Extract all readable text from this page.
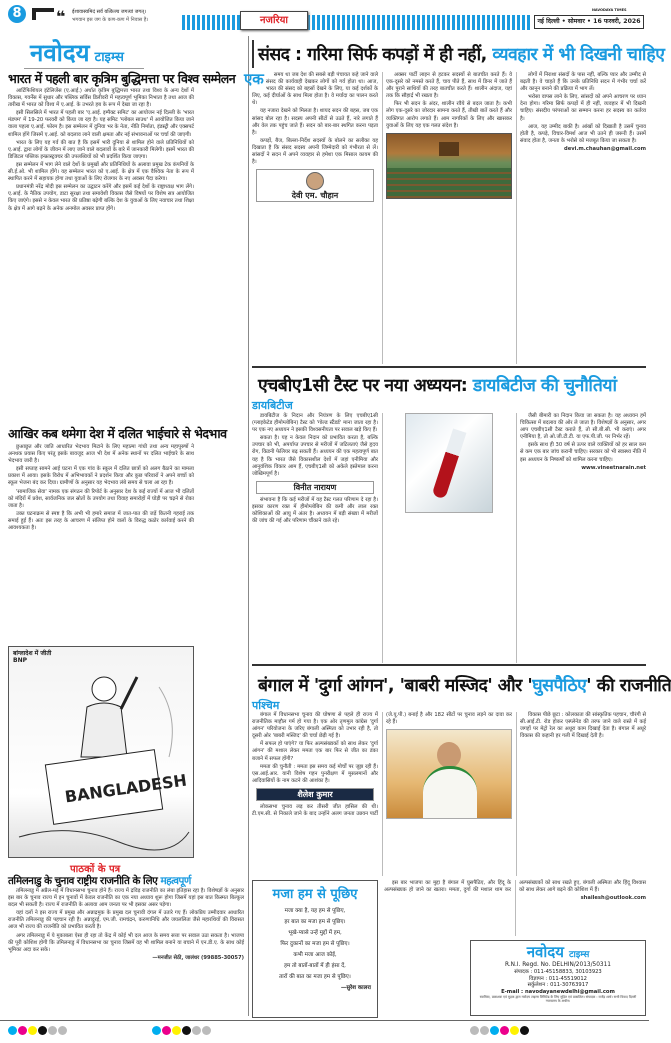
8 ❝ ईशावास्यमिदं सर्वं यत्किञ्च जगत्यां जगत्।
भगवान इस जग के कण-कण में निवास है।	नजरिया
NAVODAYA TIMES
नई दिल्ली • सोमवार • 16 फरवरी, 2026
नवोदय टाइम्स
भारत में पहली बार कृत्रिम बुद्धिमत्ता पर विश्व सम्मेलन

आर्टिफिशियल इंटेलिजेंस (ए.आई.) अर्थात कृत्रिम बुद्धिमत्ता भारत तथा विश्व के अन्य देशों में विकास, गवर्नेंस में सुधार और पब्लिक सर्विस डिलीवरी में महत्वपूर्ण भूमिका निभाता है तथा आज की तारीख में भारत को विश्व में ए.आई. के उभरते हब के रूप में देखा जा रहा है।

इसी सिलसिले में भारत में पहली बार 'ए.आई. इम्पैक्ट समिट' का आयोजन नई दिल्ली के 'भारत मंडपम' में 19-20 फरवरी को किया जा रहा है। यह समिट 'ग्लोबल साउथ' में आयोजित किया जाने वाला पहला ए.आई. फोरम है। इस सम्मेलन में दुनिया भर के नेता, नीति निर्माता, इंडस्ट्री और एक्सपर्ट शामिल होंगे जिसमें ए.आई. को बदलाव लाने वाली क्षमता और नई संभावनाओं पर चर्चा की जाएगी।

भारत के लिए यह गर्व की बात है कि इसमें भारी दुनिया से शामिल होने वाले प्रतिनिधियों को ए.आई. द्वारा लोगों के जीवन में लाए जाने वाले बदलावों के बारे में जानकारी मिलेगी। इसमें भारत की डिजिटल पब्लिक इन्फ्रास्ट्रक्चर की उपलब्धियों को भी प्रदर्शित किया जाएगा।

इस सम्मेलन में भाग लेने वाले देशों के प्रमुखों और प्रतिनिधियों के अलावा प्रमुख टेक कंपनियों के सी.ई.ओ. भी शामिल होंगे। यह सम्मेलन भारत को ए.आई. के क्षेत्र में एक वैश्विक नेता के रूप में स्थापित करने में सहायक होगा तथा युवाओं के लिए रोजगार के नए अवसर पैदा करेगा।

प्रधानमंत्री नरेंद्र मोदी इस सम्मेलन का उद्घाटन करेंगे और इसमें कई देशों के राष्ट्राध्यक्ष भाग लेंगे। ए.आई. के नैतिक उपयोग, डाटा सुरक्षा तथा समावेशी विकास जैसे विषयों पर विशेष सत्र आयोजित किए जाएंगे। इससे न केवल भारत की प्रतिष्ठा बढ़ेगी बल्कि देश के युवाओं के लिए नवाचार तथा शिक्षा के क्षेत्र में आगे बढ़ने के अनेक अनमोल अवसर प्राप्त होंगे।

आखिर कब थमेगा देश में दलित भाईचारे से भेदभाव

छुआछूत और जाति आधारित भेदभाव मिटाने के लिए महात्मा गांधी तथा अन्य महापुरुषों ने अनथक प्रयास किए परंतु इसके बावजूद आज भी देश में अनेक स्थानों पर दलित भाईचारे के साथ भेदभाव जारी है।

इसी सप्ताह सामने आई घटना में एक गांव के स्कूल में दलित छात्रों को अलग बैठाने का मामला प्रकाश में आया। इसके विरोध में अभिभावकों ने प्रदर्शन किया और कुछ परिवारों ने अपने बच्चों को स्कूल भेजना बंद कर दिया। ग्रामीणों के अनुसार यह भेदभाव लंबे समय से चला आ रहा है।

'सामाजिक सेवा' नामक एक संगठन की रिपोर्ट के अनुसार देश के कई राज्यों में आज भी दलितों को मंदिरों में प्रवेश, सार्वजनिक जल स्रोतों के उपयोग तथा विवाह समारोहों में घोड़ी पर चढ़ने से रोका जाता है।

उक्त घटनाक्रम से स्पष्ट है कि अभी भी हमारे समाज में जात-पात की जड़ें कितनी गहराई तक समाई हुई हैं। अतः इस तरह के आचरण में संलिप्त होने वालों के विरुद्ध कठोर कार्रवाई करने की आवश्यकता है।

BANGLADESH
बांग्लादेश में जीती BNP
पाठकों के पत्र
तमिलनाडु के चुनाव राष्ट्रीय राजनीति के लिए महत्वपूर्ण

तमिलनाडु में अप्रैल-मई में विधानसभा चुनाव होने हैं। राज्य में द्रविड़ राजनीति का लंबा इतिहास रहा है। विशेषज्ञों के अनुसार इस बार के चुनाव राज्य में इन चुनावों में केवल राजनीति का एक नया अध्याय शुरू होगा जिसमें यहां इस बात किस्मत बिल्कुल बदल भी सकती है। राज्य में राजनीति के अलावा आम जनता पर भी इसका असर पड़ेगा।

यहां दलों ने इस राज्य में प्रमुख और अन्नाद्रमुक के प्रमुख दल चुनावी दंगल में उतारे गए हैं। लोकप्रिय उम्मीदवार आधारित राजनीति तमिलनाडु की पहचान रही है। अन्नादुरई, एम.जी. रामचंद्रन, करुणानिधि और जयललिता जैसे महारथियों की विरासत आज भी राज्य की राजनीति को प्रभावित करती है।

अगर तमिलनाडु में ये मुकाबला ऐसा ही रहा तो केंद्र में कोई भी दल आज के समय सत्ता पर सवाल उठा सकता है। भाजपा की पूरी कोशिश होगी कि तमिलनाडु में विधानसभा का चुनाव जिसमें वह भी शामिल बनाने या बचाने में एन.डी.ए. के साथ कोई भूमिका अदा कर सके।

—मनजीत सेठी, जालंधर (99885-30057)

संसद : गरिमा सिर्फ कपड़ों में ही नहीं, व्यवहार में भी दिखनी चाहिए

एक समय था जब देश की सबसे बड़ी पंचायत कहे जाने वाले संसद की कार्यवाही देखकर लोगों को गर्व होता था। आज, भारत की संसद को बहसों देखने के लिए, या कई दर्शकों के लिए, कई दीर्घाओं के साथ मिला होता है। वे मर्यादा का पालन करते थे।

यह नजारा देखने को मिलता है। शायद सदन की बहस, जब एक सांसद बोल रहा है। सदस्य अपनी सीटों से उठते हैं, नारे लगाते हैं और वेल तक पहुंच जाते हैं। सदन को बार-बार स्थगित करना पड़ता है।

कपड़ों, बैज, बिल्ला-निर्देश सदस्यों के बोलने का सलीका यह दिखाता है कि संसद सदस्य अपनी जिम्मेदारी को गंभीरता से लें। सांसदों ने सदन में अपने व्यवहार से हमेशा एक मिसाल कायम की है।

देवी एम. चौहान

अक्सर पार्टी लाइन से हटकर सदस्यों से बातचीत करते हैं। वे एक-दूसरे को नमस्ते करते हैं, चाय पीते हैं, साथ में डिनर में जाते हैं और पुराने साथियों की तरह बातचीत करते हैं। शालीन अंदाज, यहां तक कि सौहार्द्र भी रखता है।

फिर भी सदन के अंदर, शालीन रवैये से बदल जाता है। कभी लोग एक-दूसरे का जोरदार सामना करते हैं, तीखी बातें करते हैं और व्यक्तिगत आरोप लगाते हैं। आम नागरिकों के लिए और खासकर युवाओं के लिए यह एक गलत संदेश है।

लोगों में निराशा संसदों के पास नहीं, बल्कि प्यार और उम्मीद से बढ़ती है। वे चाहते हैं कि उनके प्रतिनिधि सदन में गंभीर चर्चा करें और कानून बनाने की प्रक्रिया में भाग लें।

भरोसा वापस लाने के लिए, सांसदों को अपने आचरण पर ध्यान देना होगा। गरिमा सिर्फ कपड़ों में ही नहीं, व्यवहार में भी दिखनी चाहिए। संसदीय परंपराओं का सम्मान करना हर सदस्य का कर्तव्य है।

आज, यह उम्मीद बाकी है। आंखों को दिखाती है उसमें चुनाव होती है, कपड़े, विचार-विमर्श आज भी उतने ही जरूरी हैं। उसमें संवाद होता है, जनता के भरोसे को मजबूत किया जा सकता है।

devi.m.chauhan@gmail.com

एचबीए1सी टैस्ट पर नया अध्ययन: डायबिटीज की चुनौतियां
डायबिटीज

डायबिटीज के निदान और नियंत्रण के लिए एचबीए1सी (ग्लाइकेटेड हीमोग्लोबिन) टैस्ट को 'गोल्ड स्टैंडर्ड' माना जाता रहा है। पर एक नए अध्ययन ने इसकी विश्वसनीयता पर सवाल खड़े किए हैं।

सकता है। यह न केवल निदान को प्रभावित करता है, बल्कि उपचार को भी, अपर्याप्त उपचार से मरीजों में जटिलताएं जैसे हृदय रोग, किडनी फेलियर बढ़ सकती हैं। अध्ययन की एक महत्वपूर्ण बात यह है कि भारत जैसे विकासशील देशों में जहां एनीमिया और आनुवंशिक विकार आम हैं, एचबीए1सी को अकेले इस्तेमाल करना जोखिमपूर्ण है।

विनीत नारायण

संभावना है कि कई मरीजों में यह टैस्ट गलत परिणाम दे रहा है। इसका कारण रक्त में हीमोग्लोबिन की कमी और लाल रक्त कोशिकाओं की आयु में अंतर है। अध्ययन में बड़ी संख्या में मरीजों की जांच की गई और परिणाम चौंकाने वाले रहे।

जैसी बीमारी का निदान किया जा सकता है। यह अध्ययन हमें चिकित्सा में बदलाव की ओर ले जाता है। विशेषज्ञों के अनुसार, अगर आप एचबीए1सी टैस्ट कराते हैं, तो सी.बी.सी. भी कराएं। अगर एनीमिया है, तो ओ.जी.टी.टी. या एफ.पी.जी. पर निर्भर रहें।

इसके साथ ही 30 वर्ष से ऊपर वाले व्यक्तियों को हर साल कम से कम एक बार जांच करानी चाहिए। सरकार को भी स्वास्थ्य नीति में इस अध्ययन के निष्कर्षों को शामिल करना चाहिए।

www.vineetnarain.net

बंगाल में 'दुर्गा आंगन', 'बाबरी मस्जिद' और 'घुसपैठिए' की राजनीति
पश्चिम

बंगाल में विधानसभा चुनाव की घोषणा से पहले ही राज्य में राजनीतिक माहौल गर्म हो गया है। एक ओर तृणमूल कांग्रेस 'दुर्गा आंगन' परियोजना के जरिए बंगाली अस्मिता को उभार रही है, तो दूसरी ओर 'बाबरी मस्जिद' की चर्चा छेड़ी गई है।

में सफल हो पाएंगे? या फिर अल्पसंख्यकों को साथ लेकर 'दुर्गा आंगन' की मशाल लेकर ममता एक बार फिर से जीत का डंका बजाने में सफल होंगी?

ममता की चुनौती : ममता इस समय कई मोर्चों पर जूझ रही हैं। एस.आई.आर. यानी विशेष गहन पुनरीक्षण में मुसलमानों और आदिवासियों के नाम कटने की आशंका है।

शैलेश कुमार

लोकसभा चुनाव लड़ कर तीसरी जीत हासिल की थी। टी.एम.सी. से निकाले जाने के बाद उन्होंने अलग जनता उन्नयन पार्टी (जे.यू.पी.) बनाई है और 182 सीटों पर चुनाव लड़ने का दावा कर रहे हैं।

विकास पीछे छूटा : कोलकाता की सांस्कृतिक पहचान, चौरंगी से सी.आई.टी. रोड होकर एस्प्लेनेड की तरफ जाने वाले रास्ते में कई जगहों पर मेट्रो रेल का अधूरा काम दिखाई देता है। बंगाल में अधूरे विकास की कहानी हर गली में दिखाई देती है।

इस बार भाजपा का मुद्दा है बंगाल में घुसपैठिए, और हिंदू के अल्पसंख्यक हो जाने का खतरा। ममता, दुर्गा की मशाल थाम कर अल्पसंख्यकों को साथ रखते हुए, बंगाली अस्मिता और हिंदू विश्वास को साथ लेकर आगे बढ़ने की कोशिश में हैं।

shailesh@outlook.com

मजा हम से पूछिए
मजा क्या है, यह हम से पूछिए,
हर बात का मजा हम से पूछिए।
भूखे-प्यासे उन्हें मुद्दों में हम,
फिर दुकानों का मजा हम से पूछिए।
कभी मजा आज कोई,
हम तो बातों-बातों में ही हंसा दें,
तारों की बात का मजा हम से पूछिए।
—सुरेश कालरा
नवोदय टाइम्स
R.N.I. Regd. No. DELHIN/2013/50311
संपादक : 011-45158833, 30103923
विज्ञापन : 011-45519012
सर्कुलेशन : 011-30763917
E-mail : navodayanewdelhi@gmail.com
स्वामित्व, प्रकाशक एवं मुद्रक द्वारा नवोदय टाइम्स लिमिटेड के लिए मुद्रित एवं प्रकाशित। संपादक : राजेंद्र शर्मा। सभी विवाद दिल्ली न्यायालय के अधीन।
